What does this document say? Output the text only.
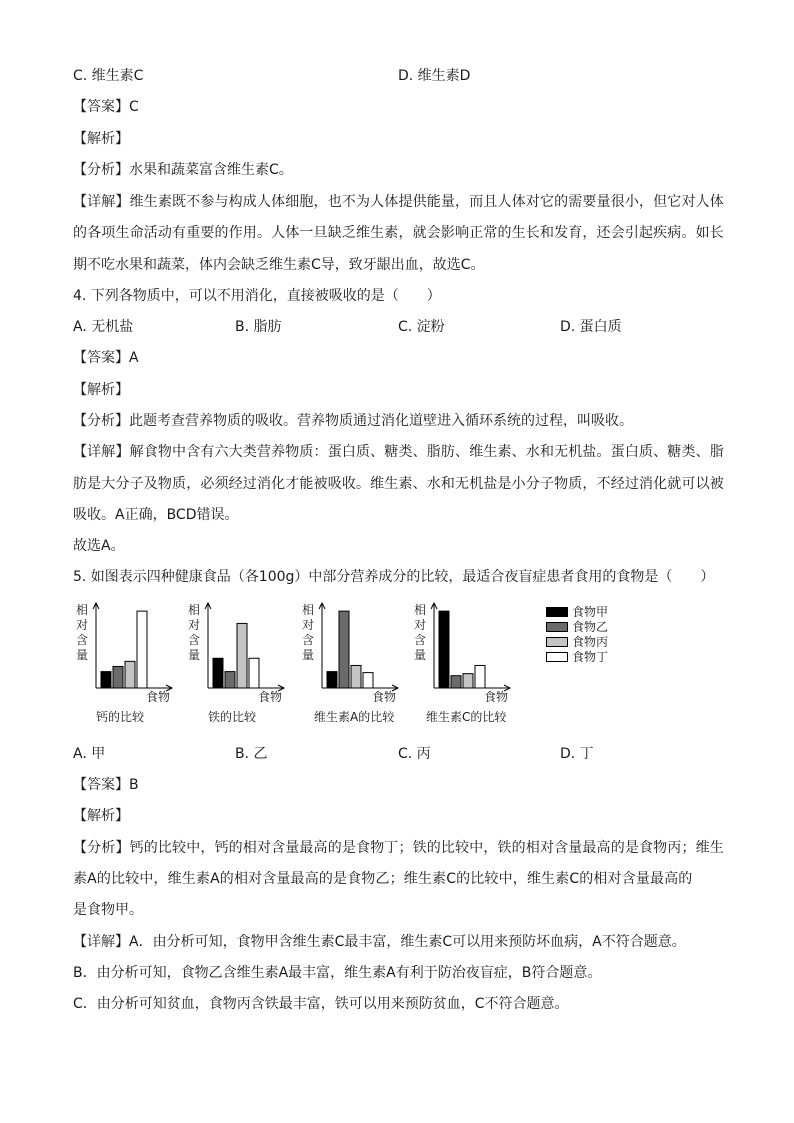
C. 维生素C	D. 维生素D
【答案】C
【解析】
【分析】水果和蔬菜富含维生素C。
【详解】维生素既不参与构成人体细胞，也不为人体提供能量，而且人体对它的需要量很小，但它对人体
的各项生命活动有重要的作用。人体一旦缺乏维生素，就会影响正常的生长和发育，还会引起疾病。如长
期不吃水果和蔬菜，体内会缺乏维生素C导，致牙龈出血，故选C。
4. 下列各物质中，可以不用消化，直接被吸收的是（　　）
A. 无机盐	B. 脂肪	C. 淀粉	D. 蛋白质
【答案】A
【解析】
【分析】此题考查营养物质的吸收。营养物质通过消化道壁进入循环系统的过程，叫吸收。
【详解】解食物中含有六大类营养物质：蛋白质、糖类、脂肪、维生素、水和无机盐。蛋白质、糖类、脂
肪是大分子及物质，必须经过消化才能被吸收。维生素、水和无机盐是小分子物质，不经过消化就可以被
吸收。A正确，BCD错误。
故选A。
5. 如图表示四种健康食品（各100g）中部分营养成分的比较，最适合夜盲症患者食用的食物是（　　）
相
对
含
量
食物
钙的比较
相
对
含
量
食物
铁的比较
相
对
含
量
食物
维生素A的比较
相
对
含
量
食物
维生素C的比较
食物甲
食物乙
食物丙
食物丁
A. 甲	B. 乙	C. 丙	D. 丁
【答案】B
【解析】
【分析】钙的比较中，钙的相对含量最高的是食物丁；铁的比较中，铁的相对含量最高的是食物丙；维生
素A的比较中，维生素A的相对含量最高的是食物乙；维生素C的比较中，维生素C的相对含量最高的
是食物甲。
【详解】A．由分析可知，食物甲含维生素C最丰富，维生素C可以用来预防坏血病，A不符合题意。
B．由分析可知，食物乙含维生素A最丰富，维生素A有利于防治夜盲症，B符合题意。
C．由分析可知贫血，食物丙含铁最丰富，铁可以用来预防贫血，C不符合题意。
